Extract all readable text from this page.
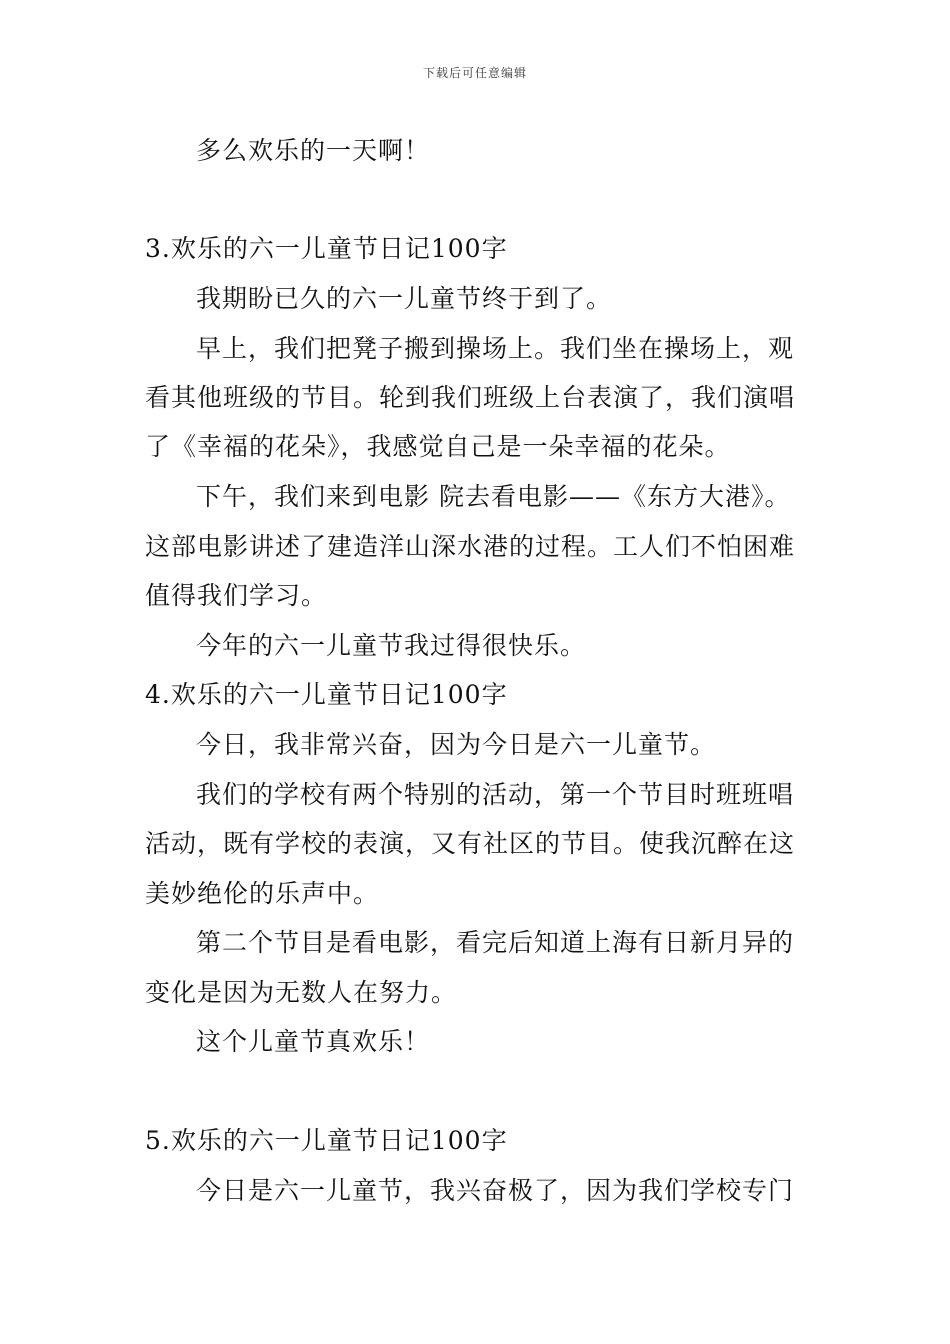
下载后可任意编辑
多么欢乐的一天啊！
3.欢乐的六一儿童节日记100字
我期盼已久的六一儿童节终于到了。
早上，我们把凳子搬到操场上。我们坐在操场上，观
看其他班级的节目。轮到我们班级上台表演了，我们演唱
了《幸福的花朵》，我感觉自己是一朵幸福的花朵。
下午，我们来到电影 院去看电影——《东方大港》。
这部电影讲述了建造洋山深水港的过程。工人们不怕困难
值得我们学习。
今年的六一儿童节我过得很快乐。
4.欢乐的六一儿童节日记100字
今日，我非常兴奋，因为今日是六一儿童节。
我们的学校有两个特别的活动，第一个节目时班班唱
活动，既有学校的表演，又有社区的节目。使我沉醉在这
美妙绝伦的乐声中。
第二个节目是看电影，看完后知道上海有日新月异的
变化是因为无数人在努力。
这个儿童节真欢乐！
5.欢乐的六一儿童节日记100字
今日是六一儿童节，我兴奋极了，因为我们学校专门
